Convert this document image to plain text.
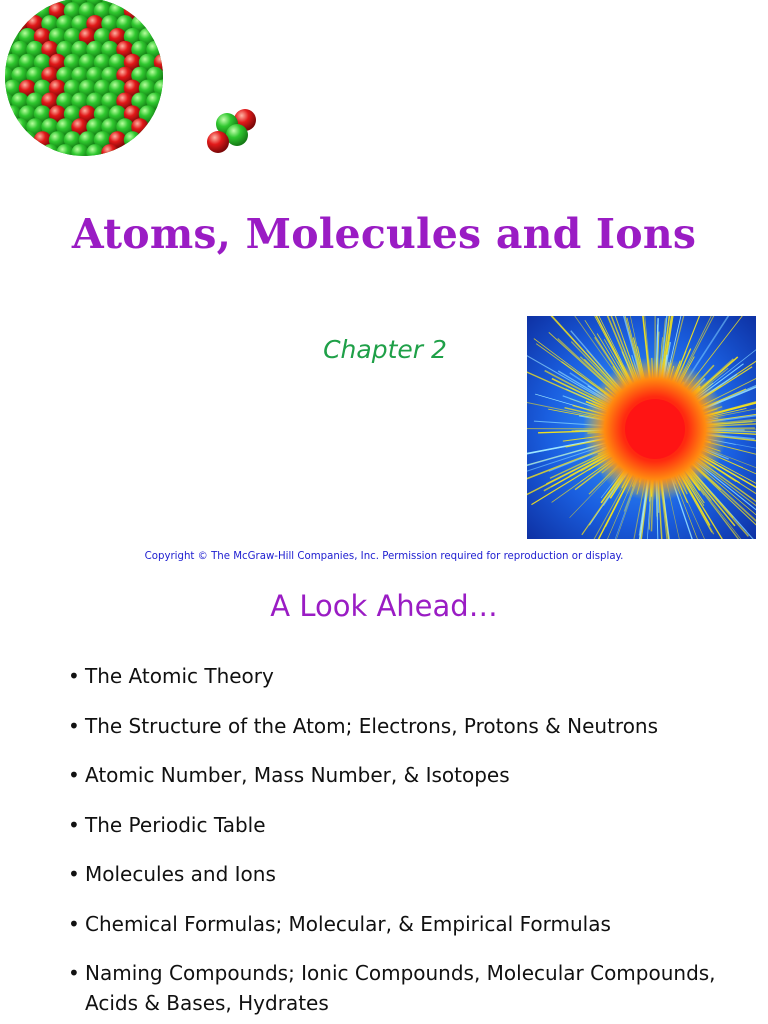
Atoms, Molecules and Ions
Chapter 2
Copyright © The McGraw-Hill Companies, Inc. Permission required for reproduction or display.
A Look Ahead…
• The Atomic Theory
• The Structure of the Atom; Electrons, Protons & Neutrons
• Atomic Number, Mass Number, & Isotopes
• The Periodic Table
• Molecules and Ions
• Chemical Formulas; Molecular, & Empirical Formulas
• Naming Compounds; Ionic Compounds, Molecular Compounds, Acids & Bases, Hydrates
